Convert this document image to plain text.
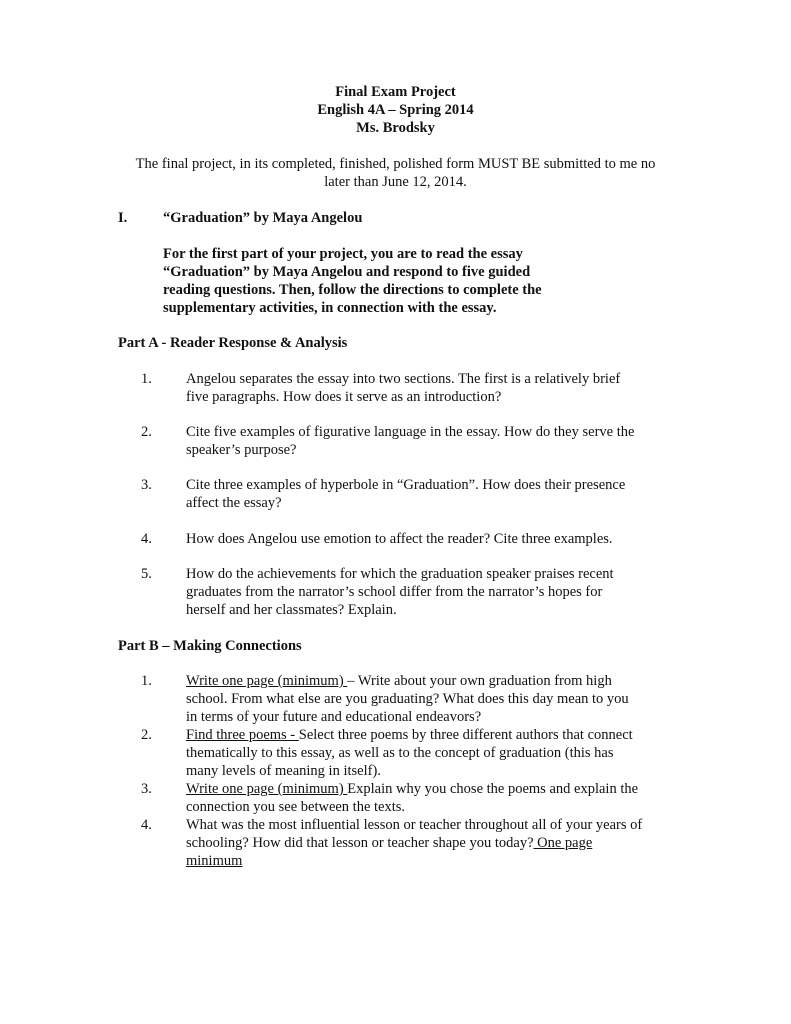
Final Exam Project
English 4A – Spring 2014
Ms. Brodsky
The final project, in its completed, finished, polished form MUST BE submitted to me no
later than June 12, 2014.
I. “Graduation” by Maya Angelou

For the first part of your project, you are to read the essay

“Graduation” by Maya Angelou and respond to five guided

reading questions. Then, follow the directions to complete the

supplementary activities, in connection with the essay.

Part A - Reader Response & Analysis
1. Angelou separates the essay into two sections. The first is a relatively brief

five paragraphs. How does it serve as an introduction?

2. Cite five examples of figurative language in the essay. How do they serve the

speaker’s purpose?

3. Cite three examples of hyperbole in “Graduation”. How does their presence

affect the essay?

4. How does Angelou use emotion to affect the reader? Cite three examples.

5. How do the achievements for which the graduation speaker praises recent

graduates from the narrator’s school differ from the narrator’s hopes for

herself and her classmates? Explain.

Part B – Making Connections
1. Write one page (minimum) – Write about your own graduation from high

school. From what else are you graduating? What does this day mean to you

in terms of your future and educational endeavors?

2. Find three poems - Select three poems by three different authors that connect

thematically to this essay, as well as to the concept of graduation (this has

many levels of meaning in itself).

3. Write one page (minimum) Explain why you chose the poems and explain the

connection you see between the texts.

4. What was the most influential lesson or teacher throughout all of your years of

schooling? How did that lesson or teacher shape you today? One page

minimum
